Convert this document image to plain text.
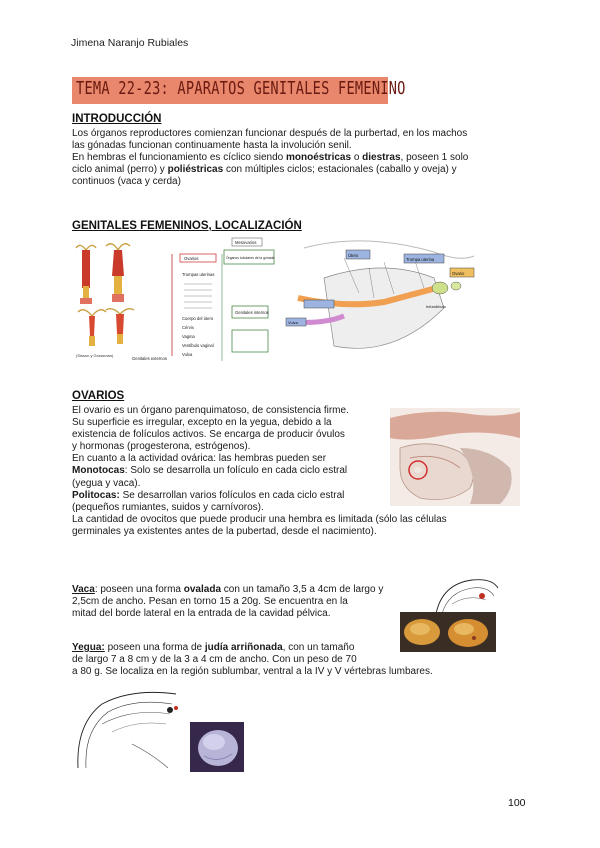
Jimena Naranjo Rubiales
TEMA 22-23: APARATOS GENITALES FEMENINO
INTRODUCCIÓN
Los órganos reproductores comienzan funcionar después de la purbertad, en los machos
las gónadas funcionan continuamente hasta la involución senil.
En hembras el funcionamiento es cíclico siendo monoéstricas o diestras, poseen 1 solo
ciclo animal (perro) y poliéstricas con múltiples ciclos; estacionales (caballo y oveja) y
continuos (vaca y cerda)
GENITALES FEMENINOS, LOCALIZACIÓN
(Sisson y Grossman)
Mesovarios
Ovarios	Órganos tubulares de la gónada
Trompas uterinas
Cuerpo del útero
Cérvix
Vagina
Vestíbulo vaginal
Vulva
Genitales internos
Genitales externos
Útero
Trompa uterina
Ovario
Vulva
Infundíbulo
OVARIOS
El ovario es un órgano parenquimatoso, de consistencia firme.
Su superficie es irregular, excepto en la yegua, debido a la
existencia de folículos activos. Se encarga de producir óvulos
y hormonas (progesterona, estrógenos).
En cuanto a la actividad ovárica: las hembras pueden ser
Monotocas: Solo se desarrolla un folículo en cada ciclo estral
(yegua y vaca).
Politocas: Se desarrollan varios folículos en cada ciclo estral
(pequeños rumiantes, suidos y carnívoros).
La cantidad de ovocitos que puede producir una hembra es limitada (sólo las células
germinales ya existentes antes de la pubertad, desde el nacimiento).
Vaca: poseen una forma ovalada con un tamaño 3,5 a 4cm de largo y
2,5cm de ancho. Pesan en torno 15 a 20g. Se encuentra en la
mitad del borde lateral en la entrada de la cavidad pélvica.
Yegua: poseen una forma de judía arriñonada, con un tamaño
de largo 7 a 8 cm y de la 3 a 4 cm de ancho. Con un peso de 70
a 80 g. Se localiza en la región sublumbar, ventral a la IV y V vértebras lumbares.
100
